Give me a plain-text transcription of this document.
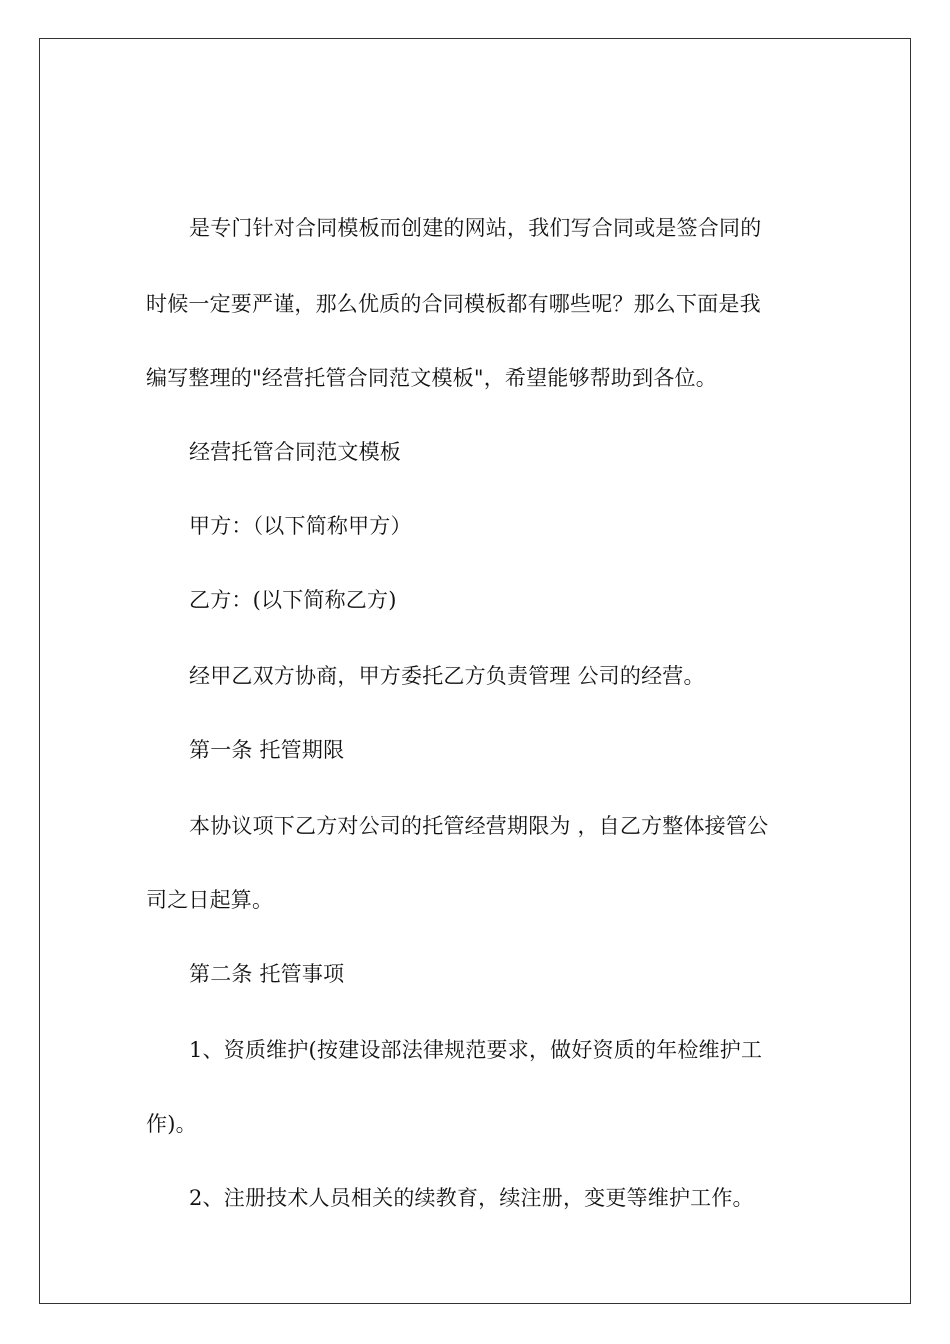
是专门针对合同模板而创建的网站，我们写合同或是签合同的
时候一定要严谨，那么优质的合同模板都有哪些呢？那么下面是我
编写整理的"经营托管合同范文模板"，希望能够帮助到各位。
经营托管合同范文模板
甲方：（以下简称甲方）
乙方：(以下简称乙方)
经甲乙双方协商，甲方委托乙方负责管理 公司的经营。
第一条 托管期限
本协议项下乙方对公司的托管经营期限为 ，自乙方整体接管公
司之日起算。
第二条 托管事项
1、资质维护(按建设部法律规范要求，做好资质的年检维护工
作)。
2、注册技术人员相关的续教育，续注册，变更等维护工作。
